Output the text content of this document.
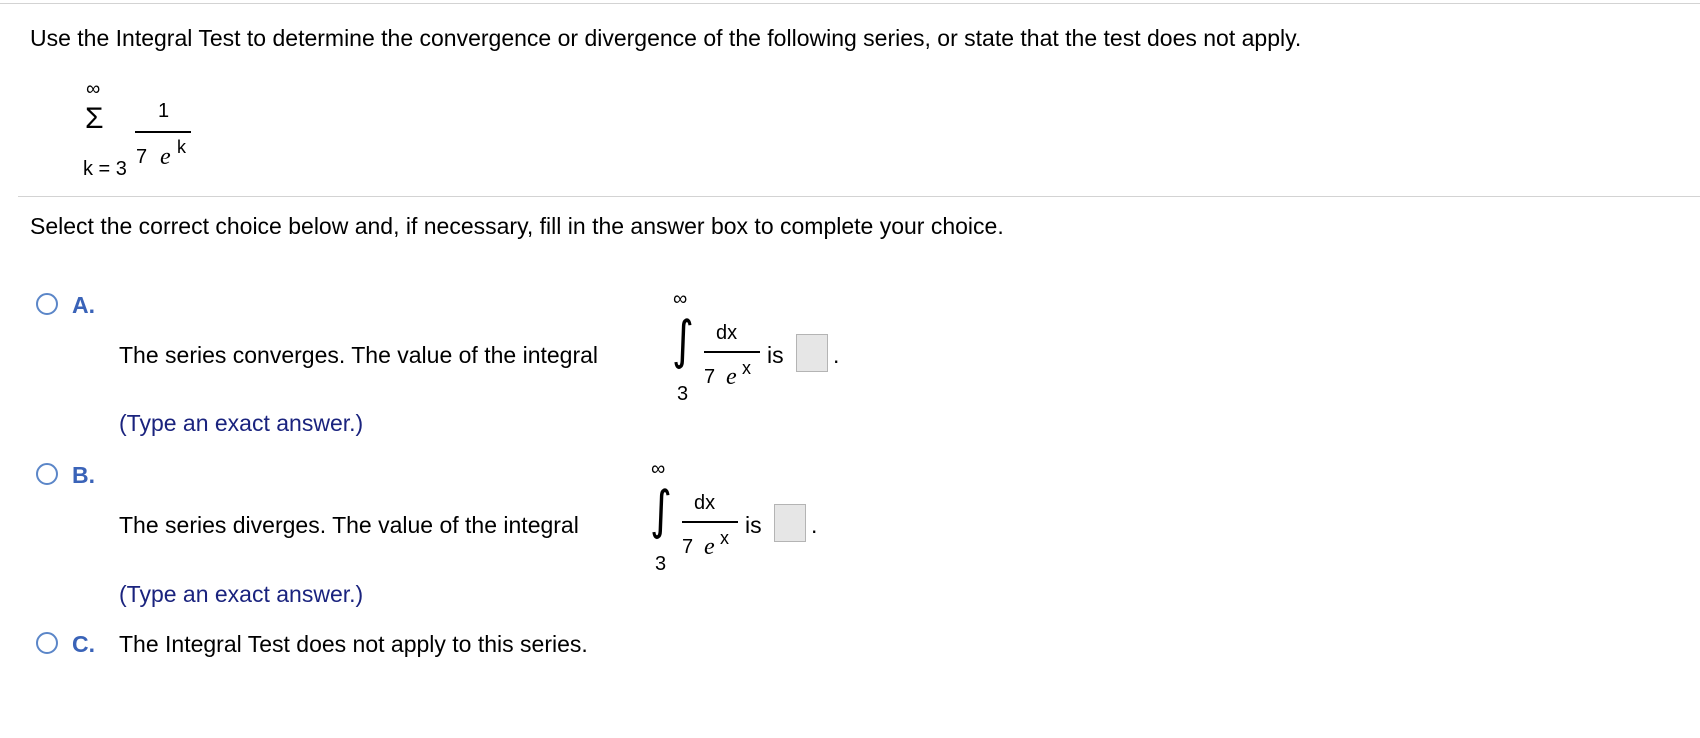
Use the Integral Test to determine the convergence or divergence of the following series, or state that the test does not apply.
∞
Σ
k = 3
1
7 e k
Select the correct choice below and, if necessary, fill in the answer box to complete your choice.
A.
The series converges. The value of the integral
∞
∫
3
dx
7 e x is .
(Type an exact answer.)
B.
The series diverges. The value of the integral
∞
∫
3
dx
7 e x is .
(Type an exact answer.)
C. The Integral Test does not apply to this series.
